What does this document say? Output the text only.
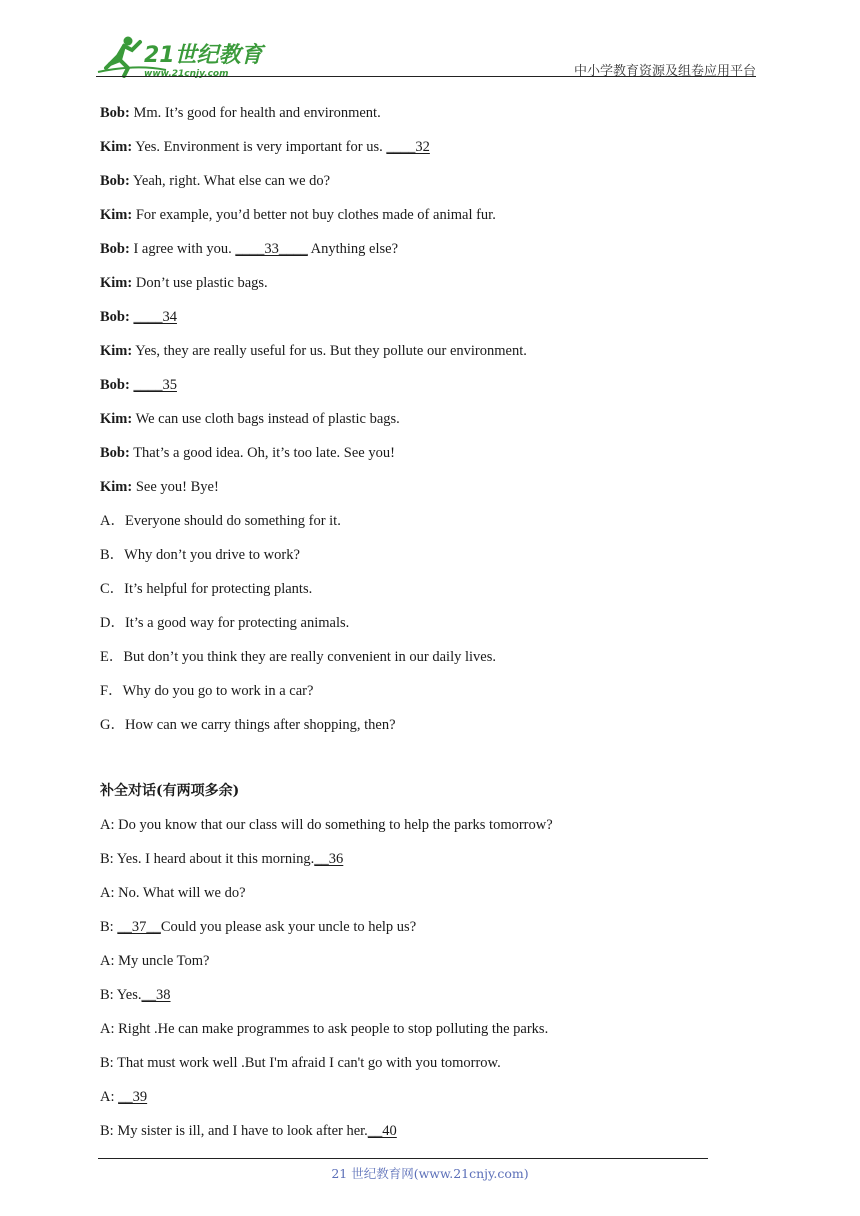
21世纪教育
www.21cnjy.com	中小学教育资源及组卷应用平台
Bob: Mm. It’s good for health and environment.
Kim: Yes. Environment is very important for us. ____32
Bob: Yeah, right. What else can we do?
Kim: For example, you’d better not buy clothes made of animal fur.
Bob: I agree with you. ____33____ Anything else?
Kim: Don’t use plastic bags.
Bob: ____34
Kim: Yes, they are really useful for us. But they pollute our environment.
Bob: ____35
Kim: We can use cloth bags instead of plastic bags.
Bob: That’s a good idea. Oh, it’s too late. See you!
Kim: See you! Bye!
A．Everyone should do something for it.
B．Why don’t you drive to work?
C．It’s helpful for protecting plants.
D．It’s a good way for protecting animals.
E．But don’t you think they are really convenient in our daily lives.
F．Why do you go to work in a car?
G．How can we carry things after shopping, then?
补全对话(有两项多余)
A: Do you know that our class will do something to help the parks tomorrow?
B: Yes. I heard about it this morning.__36
A: No. What will we do?
B: __37__Could you please ask your uncle to help us?
A: My uncle Tom?
B: Yes.__38
A: Right .He can make programmes to ask people to stop polluting the parks.
B: That must work well .But I'm afraid I can't go with you tomorrow.
A: __39
B: My sister is ill, and I have to look after her.__40
21 世纪教育网(www.21cnjy.com)
